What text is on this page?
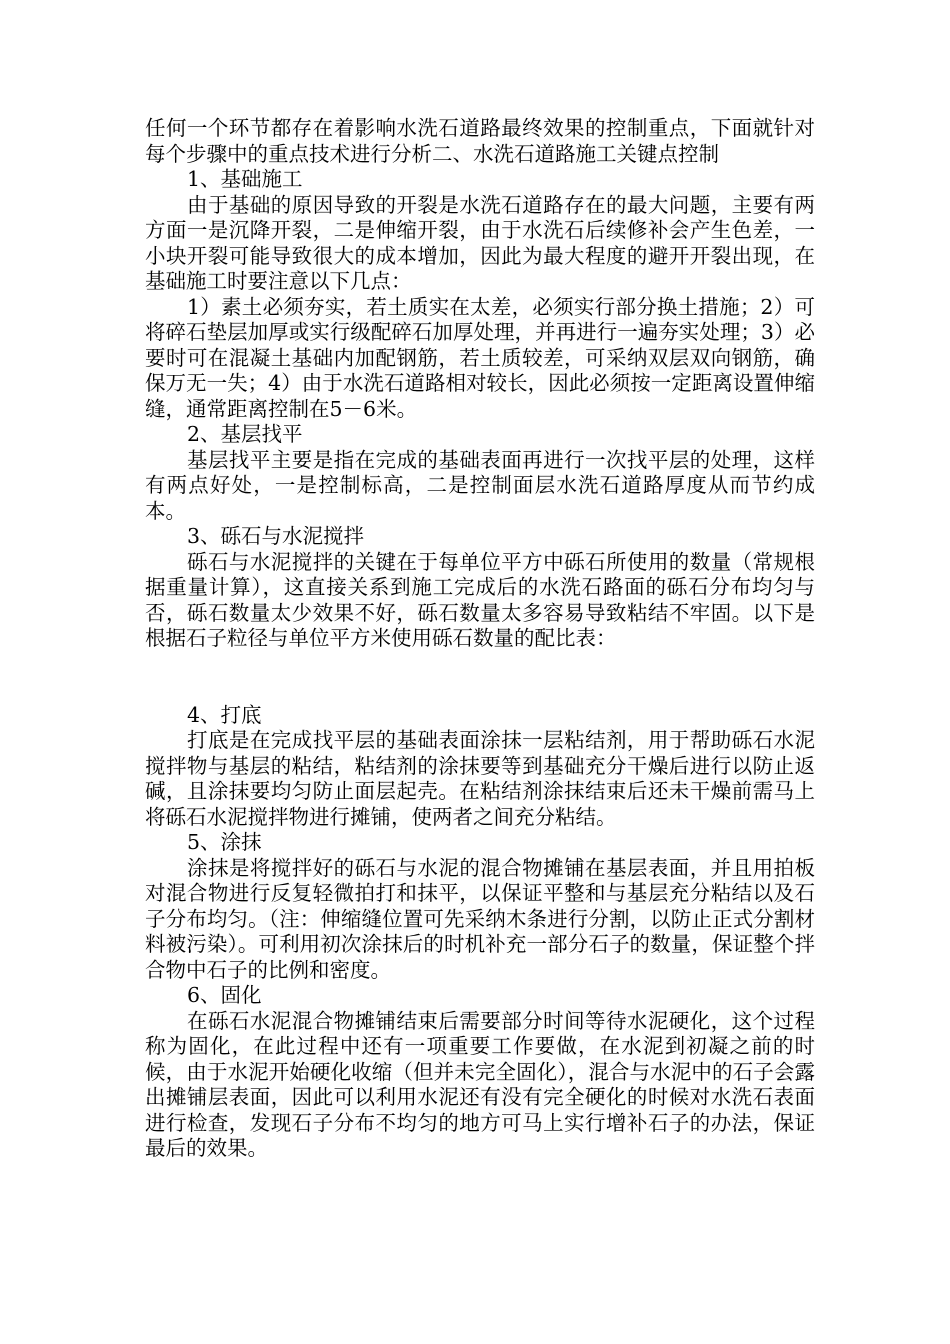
任何一个环节都存在着影响水洗石道路最终效果的控制重点，下面就针对每个步骤中的重点技术进行分析二、水洗石道路施工关键点控制

1、基础施工

由于基础的原因导致的开裂是水洗石道路存在的最大问题，主要有两方面一是沉降开裂，二是伸缩开裂，由于水洗石后续修补会产生色差，一小块开裂可能导致很大的成本增加，因此为最大程度的避开开裂出现，在基础施工时要注意以下几点：

1）素土必须夯实，若土质实在太差，必须实行部分换土措施；2）可将碎石垫层加厚或实行级配碎石加厚处理，并再进行一遍夯实处理；3）必要时可在混凝土基础内加配钢筋，若土质较差，可采纳双层双向钢筋，确保万无一失；4）由于水洗石道路相对较长，因此必须按一定距离设置伸缩缝，通常距离控制在5－6米。

2、基层找平

基层找平主要是指在完成的基础表面再进行一次找平层的处理，这样有两点好处，一是控制标高，二是控制面层水洗石道路厚度从而节约成本。

3、砾石与水泥搅拌

砾石与水泥搅拌的关键在于每单位平方中砾石所使用的数量（常规根据重量计算），这直接关系到施工完成后的水洗石路面的砾石分布均匀与否，砾石数量太少效果不好，砾石数量太多容易导致粘结不牢固。以下是根据石子粒径与单位平方米使用砾石数量的配比表：

4、打底

打底是在完成找平层的基础表面涂抹一层粘结剂，用于帮助砾石水泥搅拌物与基层的粘结，粘结剂的涂抹要等到基础充分干燥后进行以防止返碱，且涂抹要均匀防止面层起壳。在粘结剂涂抹结束后还未干燥前需马上将砾石水泥搅拌物进行摊铺，使两者之间充分粘结。

5、涂抹

涂抹是将搅拌好的砾石与水泥的混合物摊铺在基层表面，并且用拍板对混合物进行反复轻微拍打和抹平，以保证平整和与基层充分粘结以及石子分布均匀。（注：伸缩缝位置可先采纳木条进行分割，以防止正式分割材料被污染）。可利用初次涂抹后的时机补充一部分石子的数量，保证整个拌合物中石子的比例和密度。

6、固化

在砾石水泥混合物摊铺结束后需要部分时间等待水泥硬化，这个过程称为固化，在此过程中还有一项重要工作要做，在水泥到初凝之前的时候，由于水泥开始硬化收缩（但并未完全固化），混合与水泥中的石子会露出摊铺层表面，因此可以利用水泥还有没有完全硬化的时候对水洗石表面进行检查，发现石子分布不均匀的地方可马上实行增补石子的办法，保证最后的效果。
